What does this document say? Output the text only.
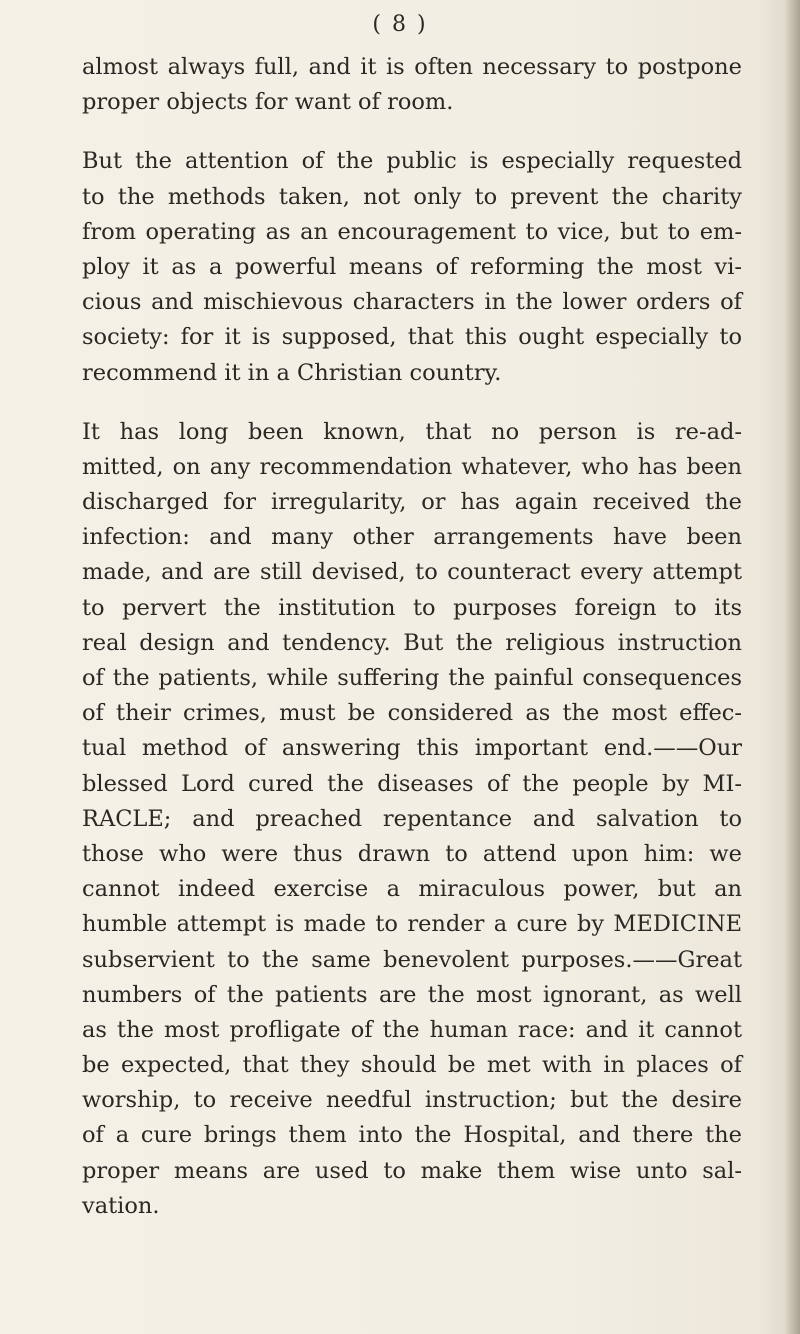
( 8 )
almost always full, and it is often necessary to postpone
proper objects for want of room.
But the attention of the public is especially requested
to the methods taken, not only to prevent the charity
from operating as an encouragement to vice, but to em-
ploy it as a powerful means of reforming the most vi-
cious and mischievous characters in the lower orders of
society: for it is supposed, that this ought especially to
recommend it in a Christian country.
It has long been known, that no person is re-ad-
mitted, on any recommendation whatever, who has been
discharged for irregularity, or has again received the
infection: and many other arrangements have been
made, and are still devised, to counteract every attempt
to pervert the institution to purposes foreign to its
real design and tendency. But the religious instruction
of the patients, while suffering the painful consequences
of their crimes, must be considered as the most effec-
tual method of answering this important end.——Our
blessed Lord cured the diseases of the people by MI-
RACLE; and preached repentance and salvation to
those who were thus drawn to attend upon him: we
cannot indeed exercise a miraculous power, but an
humble attempt is made to render a cure by MEDICINE
subservient to the same benevolent purposes.——Great
numbers of the patients are the most ignorant, as well
as the most profligate of the human race: and it cannot
be expected, that they should be met with in places of
worship, to receive needful instruction; but the desire
of a cure brings them into the Hospital, and there the
proper means are used to make them wise unto sal-
vation.
